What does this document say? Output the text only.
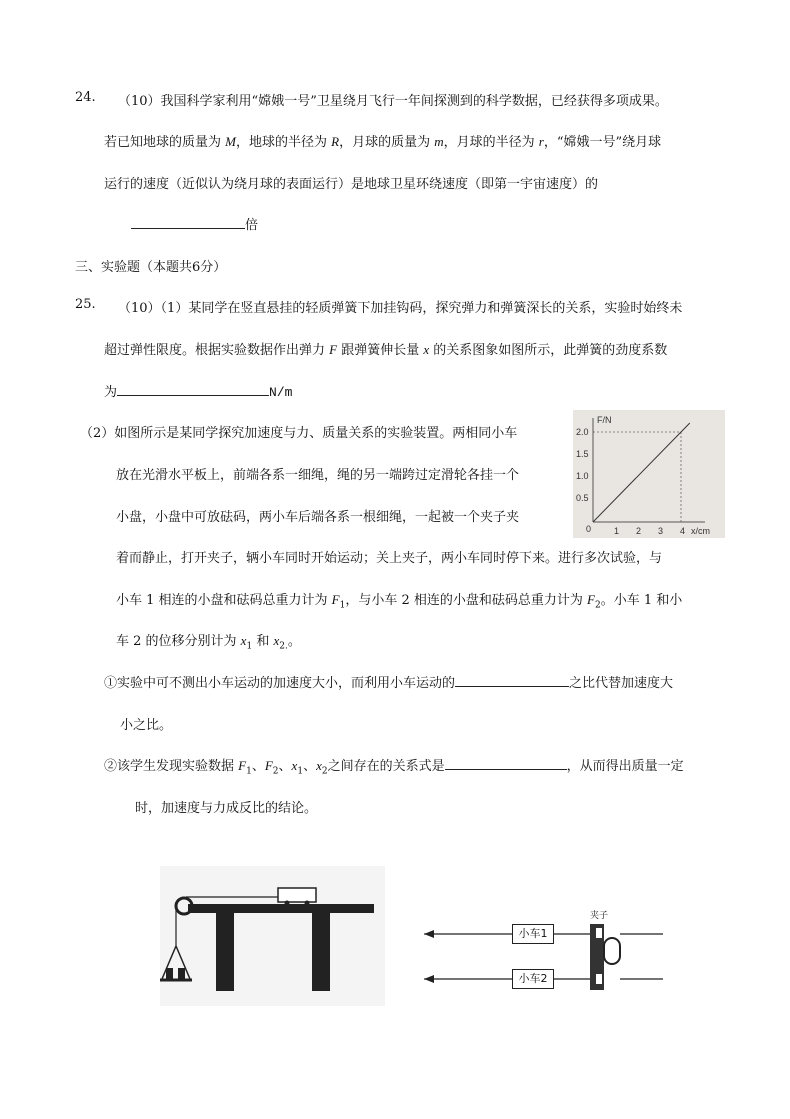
24. （10）我国科学家利用“嫦娥一号”卫星绕月飞行一年间探测到的科学数据，已经获得多项成果。
若已知地球的质量为 M，地球的半径为 R，月球的质量为 m，月球的半径为 r，“嫦娥一号”绕月球
运行的速度（近似认为绕月球的表面运行）是地球卫星环绕速度（即第一宇宙速度）的
倍
三、实验题（本题共6分）
25. （10）（1）某同学在竖直悬挂的轻质弹簧下加挂钩码，探究弹力和弹簧深长的关系，实验时始终未
超过弹性限度。根据实验数据作出弹力 F 跟弹簧伸长量 x 的关系图象如图所示，此弹簧的劲度系数
为	N/m
（2）如图所示是某同学探究加速度与力、质量关系的实验装置。两相同小车
放在光滑水平板上，前端各系一细绳，绳的另一端跨过定滑轮各挂一个
小盘，小盘中可放砝码，两小车后端各系一根细绳，一起被一个夹子夹
着而静止，打开夹子，辆小车同时开始运动；关上夹子，两小车同时停下来。进行多次试验，与
小车 1 相连的小盘和砝码总重力计为 $F_1$，与小车 2 相连的小盘和砝码总重力计为 $F_2$。小车 1 和小
车 2 的位移分别计为 $x_1$ 和 $x_{2.}$。
①实验中可不测出小车运动的加速度大小，而利用小车运动的	之比代替加速度大
小之比。
②该学生发现实验数据 $F_1$、$F_2$、$x_1$、$x_2$之间存在的关系式是	，从而得出质量一定
时，加速度与力成反比的结论。
F/N
x/cm
0
0.5
1.0
1.5
2.0
1 2 3 4
小车1
小车2
夹子
